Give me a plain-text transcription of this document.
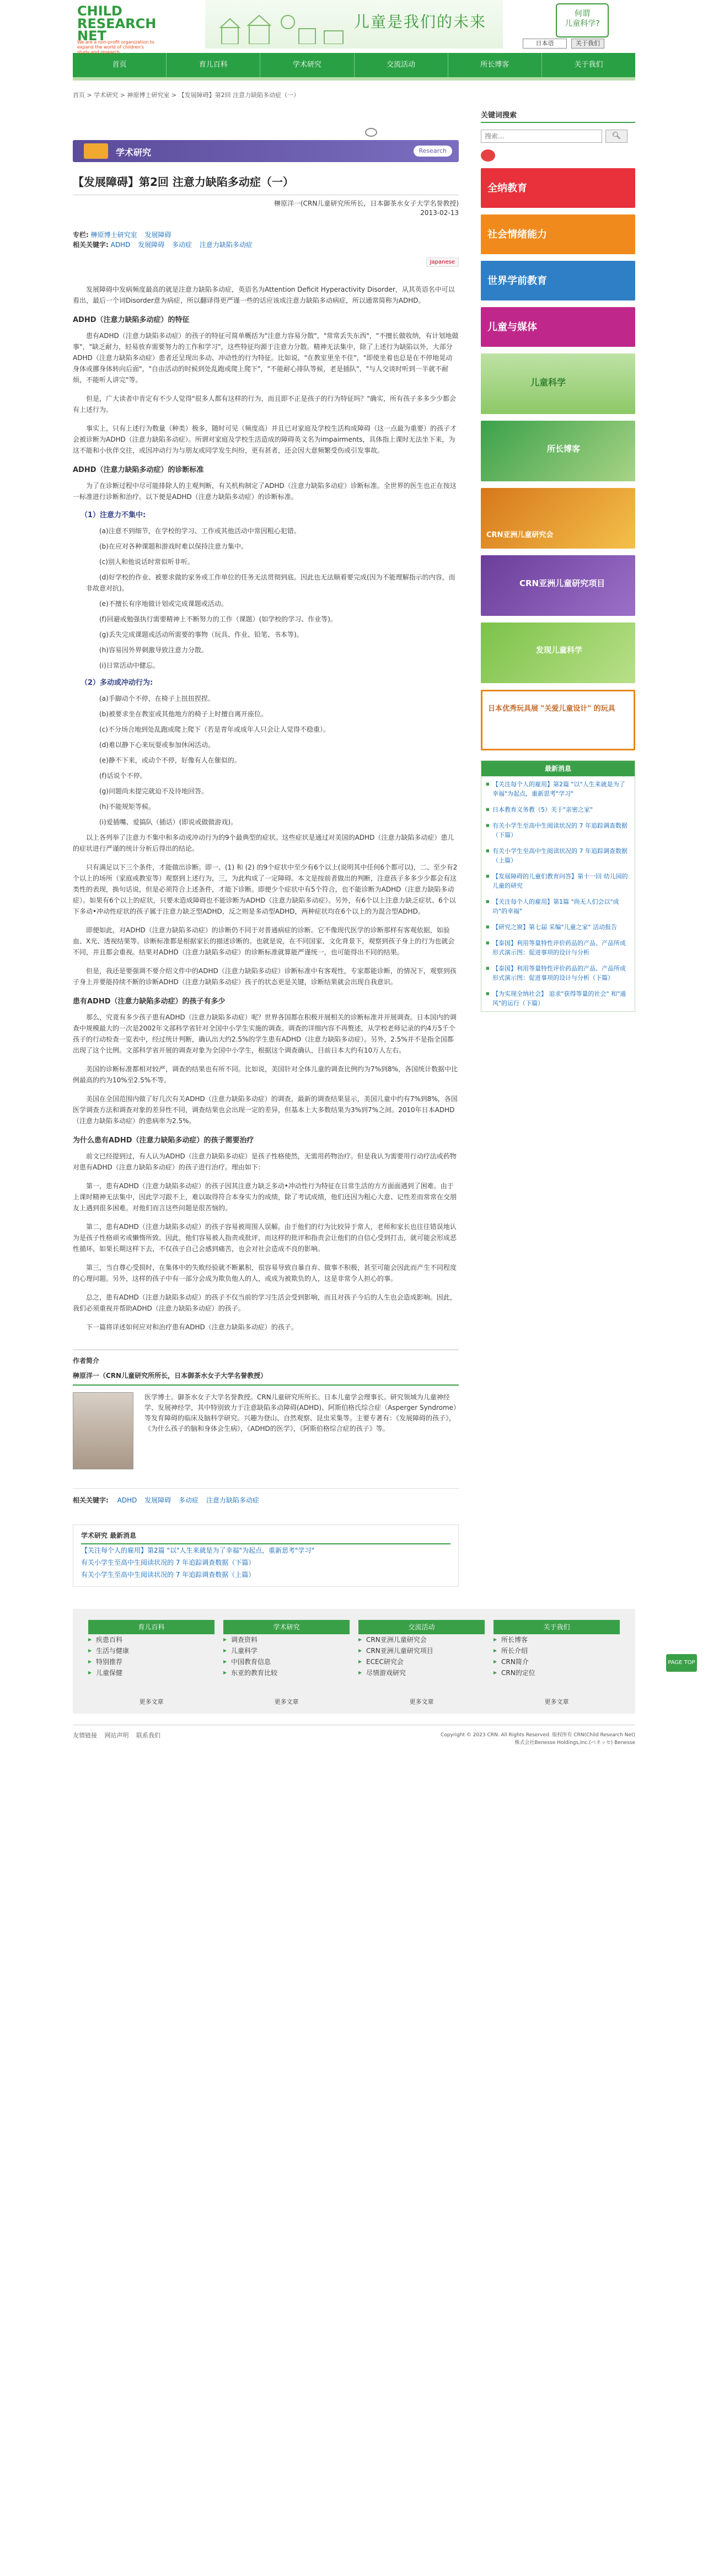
CHILD
RESEARCH
NET
We are a non-profit organization to expand the world of children's study and research
儿童是我们的未来	何谓
儿童科学?
日本语	关于我们
首页	育儿百科	学术研究	交流活动	所长博客	关于我们
首页 > 学术研究 > 神原博士研究室 > 【发展障碍】第2回 注意力缺陷多动症（一）
学术研究	Research
【发展障碍】第2回 注意力缺陷多动症（一）
榊原洋一(CRN儿童研究所所长，日本御茶水女子大学名誉教授)
2013-02-13
专栏: 榊原博士研究室 发展障碍
相关关键字: ADHD 发展障碍 多动症 注意力缺陷多动症
Japanese

发展障碍中发病频度最高的就是注意力缺陷多动症，英语名为Attention Deficit Hyperactivity Disorder，从其英语名中可以看出，最后一个词Disorder意为病症，所以翻译得更严谨一些的话应该成注意力缺陷多动病症，所以通常简称为ADHD。

ADHD（注意力缺陷多动症）的特征

患有ADHD（注意力缺陷多动症）的孩子的特征可简单概括为"注意力容易分散"，"常常丢失东西"，"不擅长做收纳，有计划地做事"，"缺乏耐力，轻易放弃需要努力的工作和学习"，这些特征均源于注意力分散。精神无法集中，除了上述行为缺陷以外，大部分ADHD（注意力缺陷多动症）患者还呈现出多动、冲动性的行为特征。比如说，"在教室里坐不住"，"即使坐着也总是在不停地晃动身体或挪身体转向后面"，"自由活动的时候到处乱跑或爬上爬下"，"不能耐心排队等候，老是插队"，"与人交谈时听到一半就不耐烦，不能听人讲完"等。

但是，广大读者中肯定有不少人觉得"很多人都有这样的行为，而且即不正是孩子的行为特征吗？"确实，所有孩子多多少少都会有上述行为。

事实上，只有上述行为数量（种类）极多，随时可见（频度高）并且已对家庭及学校生活构成障碍（这一点最为重要）的孩子才会被诊断为ADHD（注意力缺陷多动症）。所谓对家庭及学校生活造成的障碍英文名为impairments，具体指上课时无法坐下来，为这不能和小伙伴交往，或因冲动行为与朋友或同学发生纠纷，更有甚者，还会因大意频繁受伤或引发事故。

ADHD（注意力缺陷多动症）的诊断标准

为了在诊断过程中尽可能排除人的主观判断，有关机构制定了ADHD（注意力缺陷多动症）诊断标准。全世界的医生也正在按这一标准进行诊断和治疗。以下便是ADHD（注意力缺陷多动症）的诊断标准。

（1）注意力不集中:

(a)注意不到细节，在学校的学习、工作或其他活动中常因粗心犯错。

(b)在应对各种课题和游戏时难以保持注意力集中。

(c)别人和他说话时常似听非听。

(d)好学校的作业、被要求做的家务或工作单位的任务无法贯彻到底。因此也无法顺着要完成(因为不能理解指示的内容，而非故意对抗)。

(e)不擅长有序地做计划或完成课题或活动。

(f)回避或勉强执行需要精神上不断努力的工作（课题）(如学校的学习、作业等)。

(g)丢失完成课题或活动所需要的事物（玩具、作业、铅笔、书本等)。

(h)容易因外界刺激导致注意力分散。

(i)日常活动中健忘。

（2）多动或冲动行为:

(a)手脚动个不停，在椅子上扭扭捏捏。

(b)被要求坐在教室或其他地方的椅子上时擅自离开座位。

(c)不分场合地到处乱跑或爬上爬下（若是青年或成年人只会让人觉得不稳重）。

(d)难以静下心来玩耍或参加休闲活动。

(e)静不下来，或动个不停，好像有人在催似的。

(f)话说个不停。

(g)问题尚未提完就迫不及待地回答。

(h)不能规矩等候。

(i)爱插嘴、爱搞队（插话）(即说或做做游戏)。

以上各列举了注意力不集中和多动或冲动行为的9个最典型的症状。这些症状是通过对美国的ADHD（注意力缺陷多动症）患儿的症状进行严谨的统计分析后得出的结论。

只有满足以下三个条件，才能做出诊断。即一、(1) 和 (2) 的9个症状中至少有6个以上(说明其中任何6个都可以)，二、至少有2个以上的场所（家庭或教室等）观察到上述行为，三，为此构成了一定障碍。本文是按前者做出的判断，注意孩子多多少少都会有这类性的表现，换句话说，但是必须符合上述条件，才能下诊断。即便少个症状中有5个符合，也不能诊断为ADHD（注意力缺陷多动症）。如果有6个以上的症状，只要未造成障碍也不能诊断为ADHD（注意力缺陷多动症）。另外，有6个以上注意力缺乏症状、6个以下多动•冲动性症状的孩子属于注意力缺乏型ADHD，反之则是多动型ADHD，两种症状均在6个以上的为混合型ADHD。

即便如此，对ADHD（注意力缺陷多动症）的诊断仍不同于对普通病症的诊断。它不像现代医学的诊断那样有客观依据，如验血、X光、透视结果等。诊断标准都是根据家长的描述诊断的。也就是说，在不同国家、文化背景下，观察到孩子身上的行为也就会不同，并且都会重视。结果对ADHD（注意力缺陷多动症）的诊断标准就算能严谨统一，也可能得出不同的结果。

但是，我还是要强调不要介绍文件中的ADHD（注意力缺陷多动症）诊断标准中有客观性，专家都能诊断，的情况下，观察到孩子身上并要能持续不断的诊断ADHD（注意力缺陷多动症）孩子的状态更是关键，诊断结果就会出现自我意识。

患有ADHD（注意力缺陷多动症）的孩子有多少

那么，究竟有多少孩子患有ADHD（注意力缺陷多动症）呢？世界各国都在积极开展相关的诊断标准并开展调查。日本国内的调查中规模最大的一次是2002年文部科学省针对全国中小学生实施的调查。调查的详细内容不再赘述，从学校老师记录的约4万5千个孩子的行动检查一览表中，经过统计判断，确认出大约2.5%的学生患有ADHD（注意力缺陷多动症）。另外，2.5%并不是指全国都出现了这个比例。文部科学省开展的调查对象为全国中小学生，根据这个调查确认，目前日本大约有10万人左右。

美国的诊断标准都相对较严，调查的结果也有所不同。比如说，美国针对全体儿童的调查比例约为7%到8%，各国统计数据中比例最高的约为10%至2.5%不等。

美国在全国范围内做了好几次有关ADHD（注意力缺陷多动症）的调查，最新的调查结果显示，美国儿童中约有7%到8%，各国医学调查方法和调查对象的差异性不同，调查结果也会出现一定的差异，但基本上大多数结果为3%到7%之间。2010年日本ADHD（注意力缺陷多动症）的患病率为2.5%。

为什么患有ADHD（注意力缺陷多动症）的孩子需要治疗

前文已经提到过，有人认为ADHD（注意力缺陷多动症）是孩子性格使然，无需用药物治疗。但是我认为需要用行动疗法或药物对患有ADHD（注意力缺陷多动症）的孩子进行治疗。理由如下：

第一，患有ADHD（注意力缺陷多动症）的孩子因其注意力缺乏多动•冲动性行为特征在日常生活的方方面面遇到了困难。由于上课时精神无法集中，因此学习跟不上，难以取得符合本身实力的成绩，除了考试成绩，他们还因为粗心大意、记性差而常常在交朋友上遇到很多困难。对他们而言这些问题是很苦恼的。

第二，患有ADHD（注意力缺陷多动症）的孩子容易被周围人误解。由于他们的行为比较异于常人，老师和家长也往往错误地认为是孩子性格顽劣或懒惰所致。因此，他们容易被人指责或批评，而这样的批评和指责会让他们的自信心受到打击，就可能会形成恶性循环，如果长期这样下去，不仅孩子自己会感到痛苦，也会对社会造成不良的影响。

第三，当自尊心受损时，在集体中的失败经验就不断累积，很容易导致自暴自弃、做事不积极，甚至可能会因此而产生不同程度的心理问题。另外，这样的孩子中有一部分会成为欺负他人的人，或成为被欺负的人，这是非常令人担心的事。

总之，患有ADHD（注意力缺陷多动症）的孩子不仅当前的学习生活会受到影响，而且对孩子今后的人生也会造成影响。因此，我们必须重视并帮助ADHD（注意力缺陷多动症）的孩子。

下一篇将详述如何应对和治疗患有ADHD（注意力缺陷多动症）的孩子。

作者简介
榊原洋一（CRN儿童研究所所长，日本御茶水女子大学名誉教授）
医学博士。御茶水女子大学名誉教授。CRN儿童研究所所长。日本儿童学会理事长。研究领域为儿童神经学、发展神经学，其中特别致力于注意缺陷多动障碍(ADHD)、阿斯伯格氏综合症（Asperger Syndrome）等发育障碍的临床及脑科学研究。兴趣为登山、自然观察、昆虫采集等。主要专著有：《发展障碍的孩子》，《为什么孩子的脑和身体会生病》，《ADHD的医学》，《阿斯伯格综合症的孩子》等。
相关关键字: ADHD 发展障碍 多动症 注意力缺陷多动症
学术研究 最新消息
【关注每个人的雇用】第2篇 "以"人生来就是为了幸福"为起点，重新思考"学习"
有关小学生至高中生阅读状况的 7 年追踪调查数据（下篇）
有关小学生至高中生阅读状况的 7 年追踪调查数据（上篇）
关键词搜索
搜索...
🔍︎
全纳教育
社会情绪能力
世界学前教育
儿童与媒体
儿童科学
所长博客
CRN亚洲儿童研究会
CRN亚洲儿童研究项目
发现儿童科学
日本优秀玩具展 "关爱儿童设计" 的玩具
最新消息
■ 【关注每个人的雇用】第2篇 "以"人生来就是为了幸福"为起点，重新思考"学习"
■ 日本教育义务教（5）关于"亲密之家"
■ 有关小学生至高中生阅读状况的 7 年追踪调查数据（下篇）
■ 有关小学生至高中生阅读状况的 7 年追踪调查数据（上篇）
■ 【发展障碍的儿童们教育问答】第十一回 幼儿园的儿童的研究
■ 【关注每个人的雇用】第1篇 "尚无人们会以"成功"的幸福"
■ 【研究之窗】第七届 采编"儿童之家" 活动报告
■ 【泰国】利用等量特性评价药品的产品、产品所成形式演示图：促进事项的设计与分析
■ 【泰国】利用等量特性评价药品的产品、产品所成形式演示图：促进事项的设计与分析（下篇）
■ 【为实现全纳社会】 追求"获得等量的社会" 和"通风"的运行（下篇）
育儿百科
▶ 疾患百科
▶ 生活与健康
▶ 特别推荐
▶ 儿童保健
更多文章
学术研究
▶ 调查资料
▶ 儿童科学
▶ 中国教育信息
▶ 东亚的教育比较
更多文章
交流活动
▶ CRN亚洲儿童研究会
▶ CRN亚洲儿童研究项目
▶ ECEC研究会
▶ 尽情游戏研究
更多文章
关于我们
▶ 所长博客
▶ 所长介绍
▶ CRN简介
▶ CRN的定位
更多文章
PAGE TOP
友情链接 网站声明 联系我们	Copyright © 2023 CRN. All Rights Reserved. 版权所有 CRN(Child Research Net)
株式会社Benesse Holdings,Inc.(ベネッセ) Benesse
